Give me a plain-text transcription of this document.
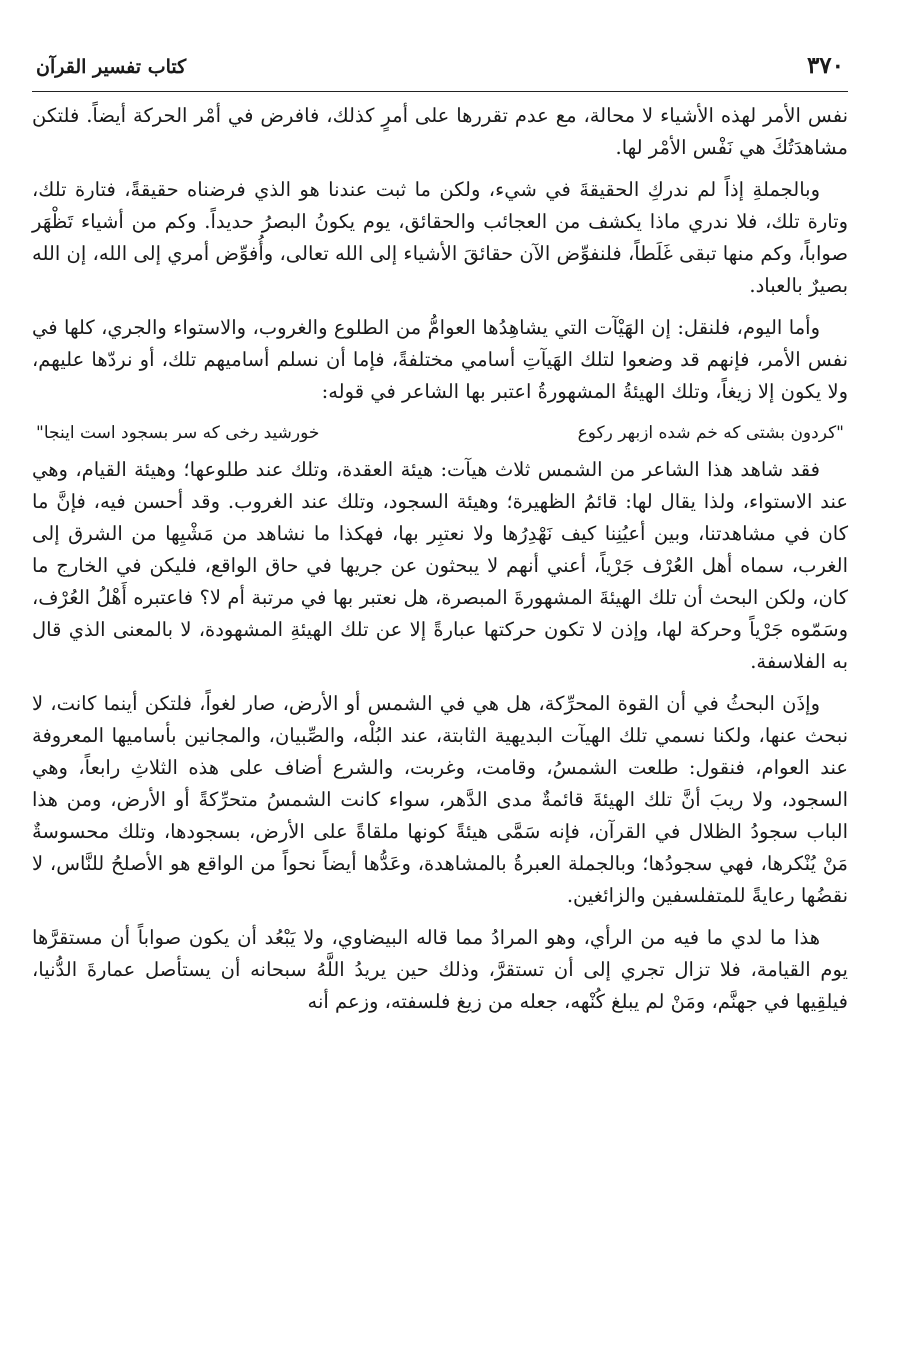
٣٧٠
كتاب تفسير القرآن

نفس الأمر لهذه الأشياء لا محالة، مع عدم تقررها على أمرٍ كذلك، فافرض في أمْر الحركة أيضاً. فلتكن مشاهدَتُكَ هي نَفْس الأمْر لها.

وبالجملةِ إذاً لم ندركِ الحقيقةَ في شيء، ولكن ما ثبت عندنا هو الذي فرضناه حقيقةً، فتارة تلك، وتارة تلك، فلا ندري ماذا يكشف من العجائب والحقائق، يوم يكونُ البصرُ حديداً. وكم من أشياء تَظْهَر صواباً، وكم منها تبقى غَلَطاً، فلنفوِّض الآن حقائقَ الأشياء إلى الله تعالى، وأُفوِّض أمري إلى الله، إن الله بصيرٌ بالعباد.

وأما اليوم، فلنقل: إن الهَيْآت التي يشاهِدُها العوامُّ من الطلوع والغروب، والاستواء والجري، كلها في نفس الأمر، فإنهم قد وضعوا لتلك الهَيآتِ أسامي مختلفةً، فإما أن نسلم أساميهم تلك، أو نردّها عليهم، ولا يكون إلا زيغاً، وتلك الهيئةُ المشهورةُ اعتبر بها الشاعر في قوله:

"كردون بشتى كه خم شده ازبهر ركوع
خورشيد رخى كه سر بسجود است اينجا"

فقد شاهد هذا الشاعر من الشمس ثلاث هيآت: هيئة العقدة، وتلك عند طلوعها؛ وهيئة القيام، وهي عند الاستواء، ولذا يقال لها: قائمُ الظهيرة؛ وهيئة السجود، وتلك عند الغروب. وقد أحسن فيه، فإنَّ ما كان في مشاهدتنا، وبين أعيُنِنا كيف نَهْدِرُها ولا نعتبِر بها، فهكذا ما نشاهد من مَشْيِها من الشرق إلى الغرب، سماه أهل العُرْف جَرْياً، أعني أنهم لا يبحثون عن جريها في حاق الواقع، فليكن في الخارج ما كان، ولكن البحث أن تلك الهيئةَ المشهورةَ المبصرة، هل نعتبر بها في مرتبة أم لا؟ فاعتبره أَهْلُ العُرْف، وسَمّوه جَرْياً وحركة لها، وإذن لا تكون حركتها عبارةً إلا عن تلك الهيئةِ المشهودة، لا بالمعنى الذي قال به الفلاسفة.

وإذَن البحثُ في أن القوة المحرِّكة، هل هي في الشمس أو الأرض، صار لغواً، فلتكن أينما كانت، لا نبحث عنها، ولكنا نسمي تلك الهيآت البديهية الثابتة، عند البُلْه، والصِّبيان، والمجانين بأساميها المعروفة عند العوام، فنقول: طلعت الشمسُ، وقامت، وغربت، والشرع أضاف على هذه الثلاثِ رابعاً، وهي السجود، ولا ريبَ أنَّ تلك الهيئةَ قائمةٌ مدى الدَّهر، سواء كانت الشمسُ متحرِّكةً أو الأرض، ومن هذا الباب سجودُ الظلال في القرآن، فإنه سَمَّى هيئةً كونها ملقاةً على الأرض، بسجودها، وتلك محسوسةٌ مَنْ يُنْكرها، فهي سجودُها؛ وبالجملة العبرةُ بالمشاهدة، وعَدُّها أيضاً نحواً من الواقع هو الأصلحُ للنَّاس، لا نقضُها رعايةً للمتفلسفين والزائغين.

هذا ما لدي ما فيه من الرأي، وهو المرادُ مما قاله البيضاوي، ولا يَبْعُد أن يكون صواباً أن مستقرَّها يوم القيامة، فلا تزال تجري إلى أن تستقرَّ، وذلك حين يريدُ اللَّهُ سبحانه أن يستأصل عمارةَ الدُّنيا، فيلقِيها في جهنَّم، ومَنْ لم يبلغ كُنْهه، جعله من زيغ فلسفته، وزعم أنه
